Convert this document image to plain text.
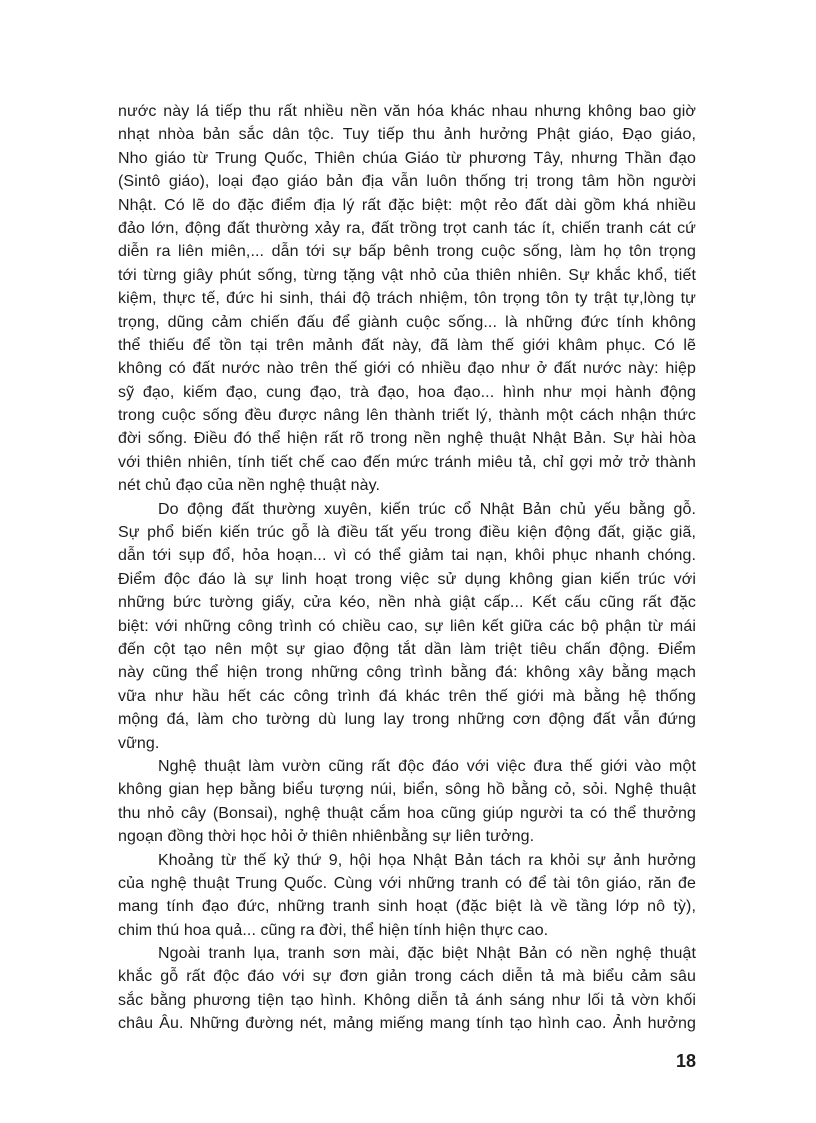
nước này lá tiếp thu rất nhiều nền văn hóa khác nhau nhưng không bao giờ
nhạt nhòa bản sắc dân tộc. Tuy tiếp thu ảnh hưởng Phật giáo, Đạo giáo,
Nho giáo từ Trung Quốc, Thiên chúa Giáo từ phương Tây, nhưng Thần đạo
(Sintô giáo), loại đạo giáo bản địa vẫn luôn thống trị trong tâm hồn người
Nhật. Có lẽ do đặc điểm địa lý rất đặc biệt: một rẻo đất dài gồm khá nhiều
đảo lớn, động đất thường xảy ra, đất trồng trọt canh tác ít, chiến tranh cát cứ
diễn ra liên miên,... dẫn tới sự bấp bênh trong cuộc sống, làm họ tôn trọng
tới từng giây phút sống, từng tặng vật nhỏ của thiên nhiên. Sự khắc khổ, tiết
kiệm, thực tế, đức hi sinh, thái độ trách nhiệm, tôn trọng tôn ty trật tự,lòng tự
trọng, dũng cảm chiến đấu để giành cuộc sống... là những đức tính không
thể thiếu để tồn tại trên mảnh đất này, đã làm thế giới khâm phục. Có lẽ
không có đất nước nào trên thế giới có nhiều đạo như ở đất nước này: hiệp
sỹ đạo, kiếm đạo, cung đạo, trà đạo, hoa đạo... hình như mọi hành động
trong cuộc sống đều được nâng lên thành triết lý, thành một cách nhận thức
đời sống. Điều đó thể hiện rất rõ trong nền nghệ thuật Nhật Bản. Sự hài hòa
với thiên nhiên, tính tiết chế cao đến mức tránh miêu tả, chỉ gợi mở trở thành
nét chủ đạo của nền nghệ thuật này.
Do động đất thường xuyên, kiến trúc cổ Nhật Bản chủ yếu bằng gỗ.
Sự phổ biến kiến trúc gỗ là điều tất yếu trong điều kiện động đất, giặc giã,
dẫn tới sụp đổ, hỏa hoạn... vì có thể giảm tai nạn, khôi phục nhanh chóng.
Điểm độc đáo là sự linh hoạt trong việc sử dụng không gian kiến trúc với
những bức tường giấy, cửa kéo, nền nhà giật cấp... Kết cấu cũng rất đặc
biệt: với những công trình có chiều cao, sự liên kết giữa các bộ phận từ mái
đến cột tạo nên một sự giao động tắt dần làm triệt tiêu chấn động. Điểm
này cũng thể hiện trong những công trình bằng đá: không xây bằng mạch
vữa như hầu hết các công trình đá khác trên thế giới mà bằng hệ thống
mộng đá, làm cho tường dù lung lay trong những cơn động đất vẫn đứng
vững.
Nghệ thuật làm vườn cũng rất độc đáo với việc đưa thế giới vào một
không gian hẹp bằng biểu tượng núi, biển, sông hồ bằng cỏ, sỏi. Nghệ thuật
thu nhỏ cây (Bonsai), nghệ thuật cắm hoa cũng giúp người ta có thể thưởng
ngoạn đồng thời học hỏi ở thiên nhiênbằng sự liên tưởng.
Khoảng từ thế kỷ thứ 9, hội họa Nhật Bản tách ra khỏi sự ảnh hưởng
của nghệ thuật Trung Quốc. Cùng với những tranh có để tài tôn giáo, răn đe
mang tính đạo đức, những tranh sinh hoạt (đặc biệt là về tầng lớp nô tỳ),
chim thú hoa quả... cũng ra đời, thể hiện tính hiện thực cao.
Ngoài tranh lụa, tranh sơn mài, đặc biệt Nhật Bản có nền nghệ thuật
khắc gỗ rất độc đáo với sự đơn giản trong cách diễn tả mà biểu cảm sâu
sắc bằng phương tiện tạo hình. Không diễn tả ánh sáng như lối tả vờn khối
châu Âu. Những đường nét, mảng miếng mang tính tạo hình cao. Ảnh hưởng
18
